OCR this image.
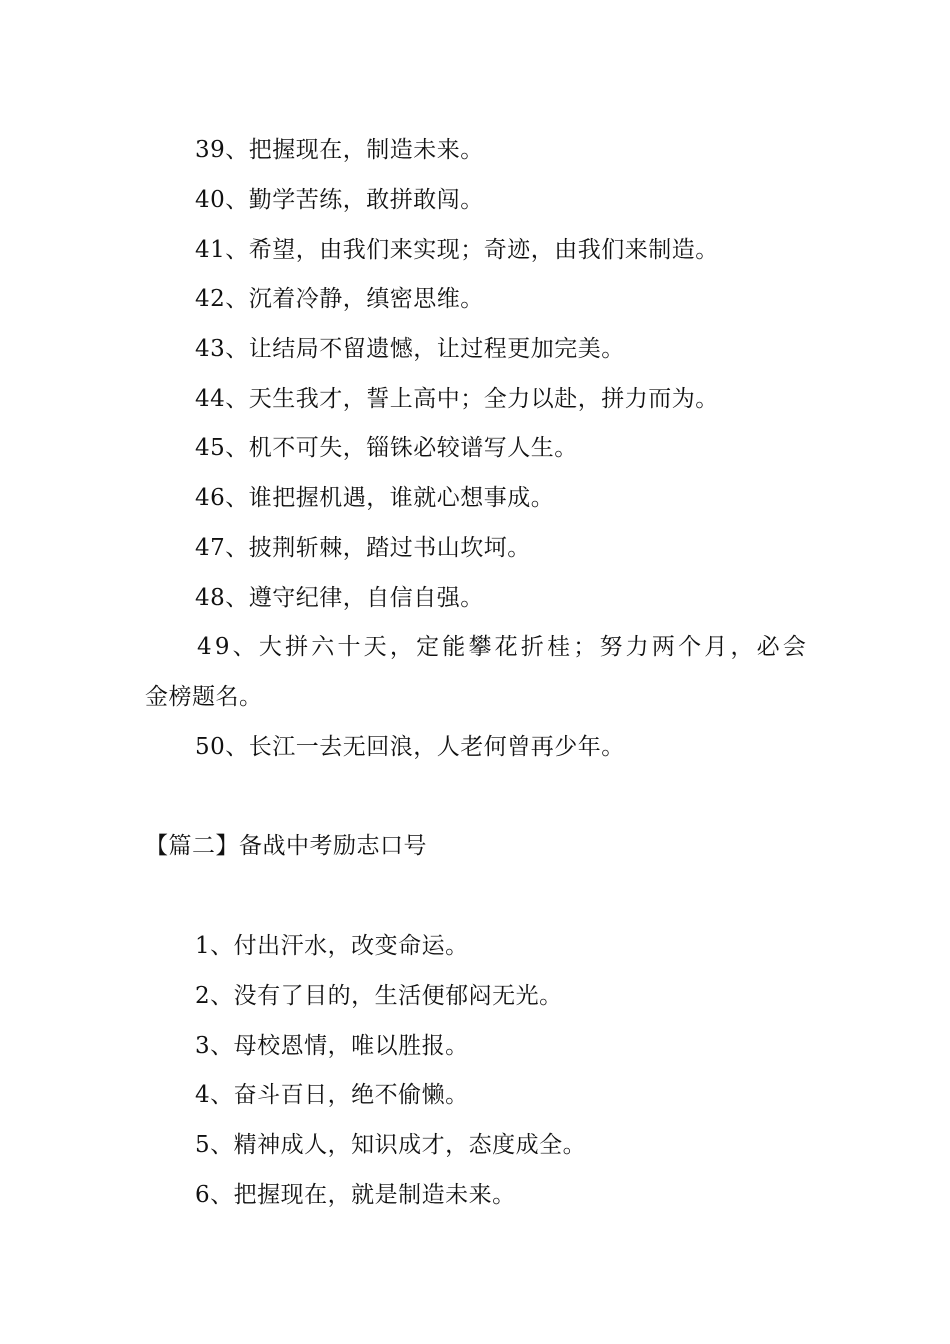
39、把握现在，制造未来。
40、勤学苦练，敢拼敢闯。
41、希望，由我们来实现；奇迹，由我们来制造。
42、沉着冷静，缜密思维。
43、让结局不留遗憾，让过程更加完美。
44、天生我才，誓上高中；全力以赴，拼力而为。
45、机不可失，锱铢必较谱写人生。
46、谁把握机遇，谁就心想事成。
47、披荆斩棘，踏过书山坎坷。
48、遵守纪律，自信自强。
49、大拼六十天，定能攀花折桂；努力两个月，必会
金榜题名。
50、长江一去无回浪，人老何曾再少年。
【篇二】备战中考励志口号
1、付出汗水，改变命运。
2、没有了目的，生活便郁闷无光。
3、母校恩情，唯以胜报。
4、奋斗百日，绝不偷懒。
5、精神成人，知识成才，态度成全。
6、把握现在，就是制造未来。
